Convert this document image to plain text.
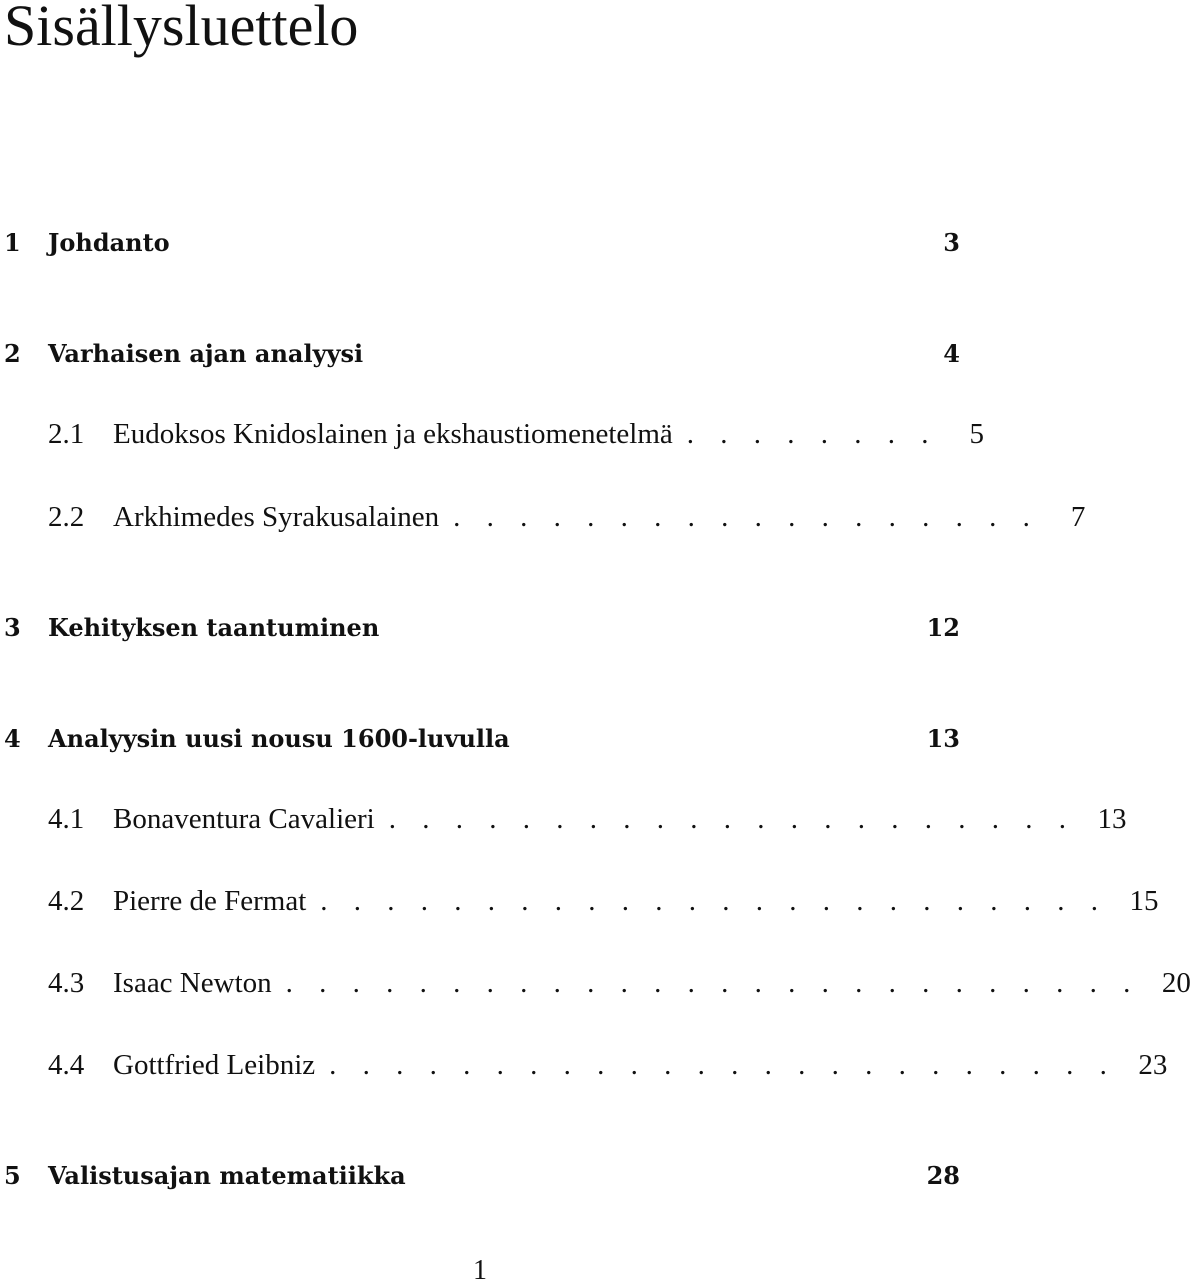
Sisällysluettelo
1	Johdanto	3
2	Varhaisen ajan analyysi	4
2.1 Eudoksos Knidoslainen ja ekshaustiomenetelmä . . . . . . . .	5
2.2 Arkhimedes Syrakusalainen . . . . . . . . . . . . . . . . . .	7
3	Kehityksen taantuminen	12
4	Analyysin uusi nousu 1600-luvulla	13
4.1 Bonaventura Cavalieri . . . . . . . . . . . . . . . . . . . . . 13
4.2 Pierre de Fermat . . . . . . . . . . . . . . . . . . . . . . . . 15
4.3 Isaac Newton . . . . . . . . . . . . . . . . . . . . . . . . . . 20
4.4 Gottfried Leibniz . . . . . . . . . . . . . . . . . . . . . . . . 23
5	Valistusajan matematiikka	28
1
